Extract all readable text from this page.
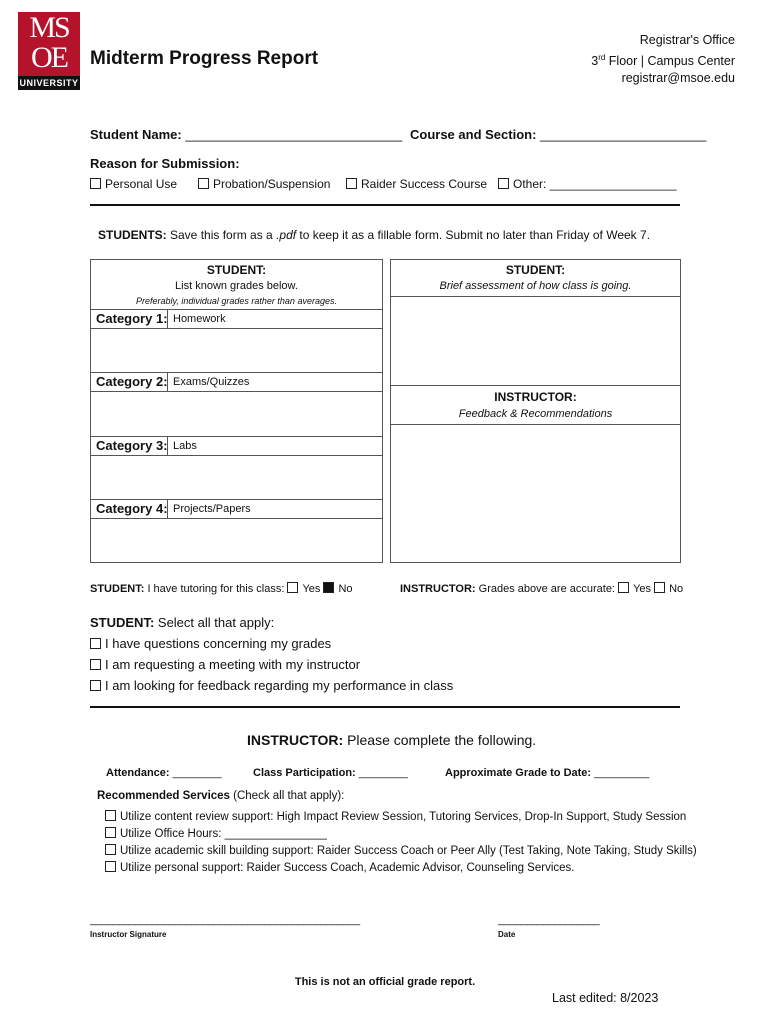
MS
OE
UNIVERSITY
Midterm Progress Report
Registrar's Office
3rd Floor | Campus Center
registrar@msoe.edu
Student Name: ______________________________ Course and Section: _______________________
Reason for Submission:
Personal Use	Probation/Suspension	Raider Success Course	Other: ___________________
STUDENTS: Save this form as a .pdf to keep it as a fillable form. Submit no later than Friday of Week 7.
STUDENT:
List known grades below.
Preferably, individual grades rather than averages.
Category 1: Homework
Category 2: Exams/Quizzes
Category 3: Labs
Category 4: Projects/Papers
STUDENT:
Brief assessment of how class is going.
INSTRUCTOR:
Feedback & Recommendations
STUDENT: I have tutoring for this class: Yes No	INSTRUCTOR: Grades above are accurate: Yes No
STUDENT: Select all that apply:
I have questions concerning my grades
I am requesting a meeting with my instructor
I am looking for feedback regarding my performance in class
INSTRUCTOR: Please complete the following.
Attendance: ________	Class Participation: ________	Approximate Grade to Date: _________
Recommended Services (Check all that apply):
Utilize content review support: High Impact Review Session, Tutoring Services, Drop-In Support, Study Session
Utilize Office Hours: ________________
Utilize academic skill building support: Raider Success Coach or Peer Ally (Test Taking, Note Taking, Study Skills)
Utilize personal support: Raider Success Coach, Academic Advisor, Counseling Services.
________________________________________________
Instructor Signature
__________________
Date
This is not an official grade report.
Last edited: 8/2023
